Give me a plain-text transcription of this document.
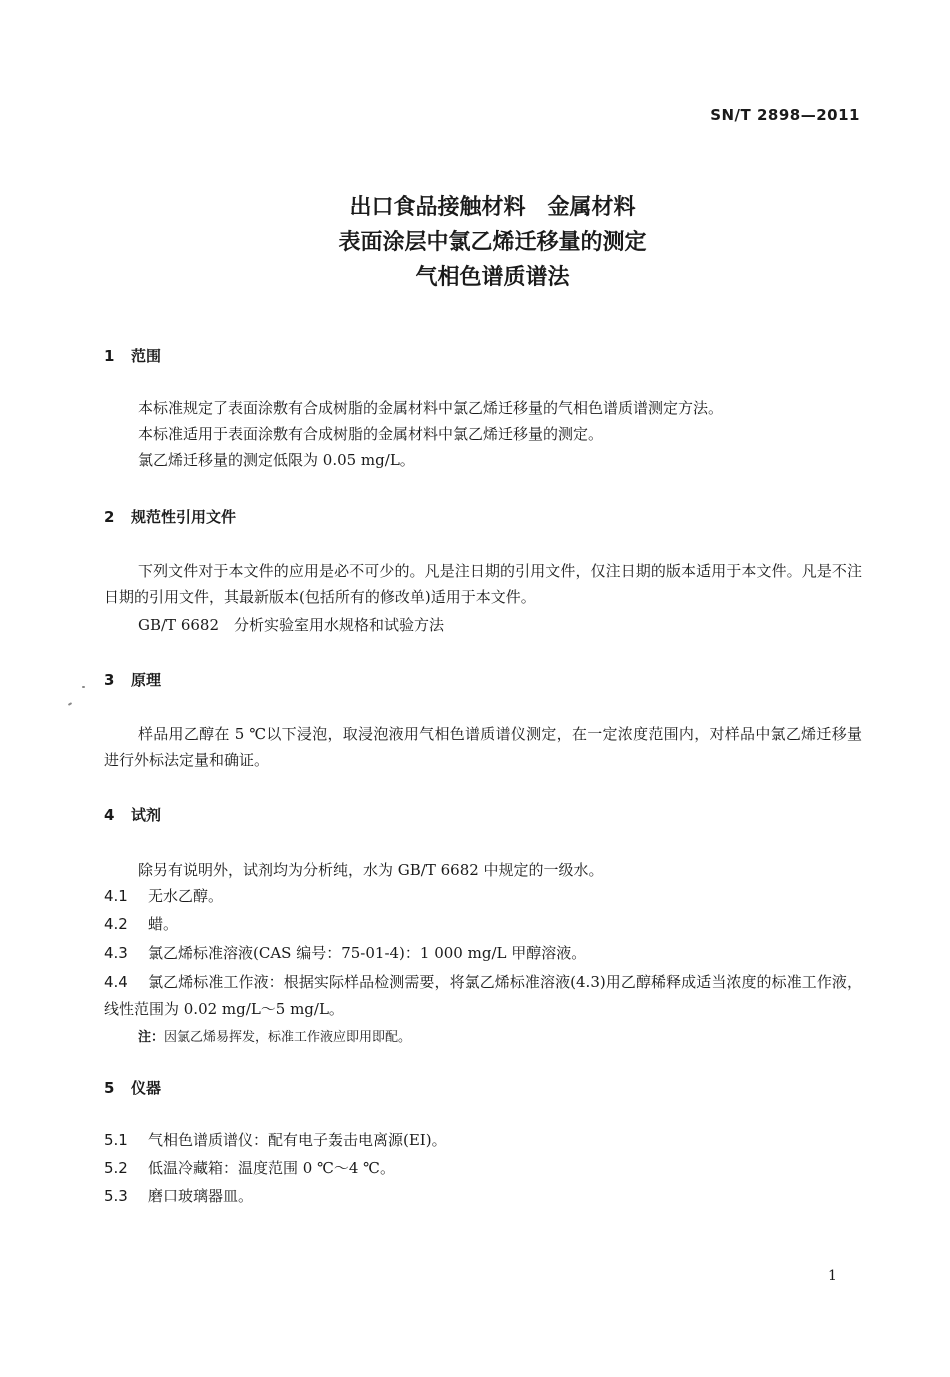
SN/T 2898—2011
出口食品接触材料　金属材料
表面涂层中氯乙烯迁移量的测定
气相色谱质谱法
1 范围
本标准规定了表面涂敷有合成树脂的金属材料中氯乙烯迁移量的气相色谱质谱测定方法。
本标准适用于表面涂敷有合成树脂的金属材料中氯乙烯迁移量的测定。
氯乙烯迁移量的测定低限为 0.05 mg/L。
2 规范性引用文件
下列文件对于本文件的应用是必不可少的。凡是注日期的引用文件，仅注日期的版本适用于本文件。凡是不注日期的引用文件，其最新版本(包括所有的修改单)适用于本文件。
GB/T 6682　分析实验室用水规格和试验方法
3 原理
样品用乙醇在 5 ℃以下浸泡，取浸泡液用气相色谱质谱仪测定，在一定浓度范围内，对样品中氯乙烯迁移量进行外标法定量和确证。
4 试剂
除另有说明外，试剂均为分析纯，水为 GB/T 6682 中规定的一级水。
4.1 无水乙醇。
4.2 蜡。
4.3 氯乙烯标准溶液(CAS 编号：75-01-4)：1 000 mg/L 甲醇溶液。
4.4 氯乙烯标准工作液：根据实际样品检测需要，将氯乙烯标准溶液(4.3)用乙醇稀释成适当浓度的标准工作液，线性范围为 0.02 mg/L～5 mg/L。
注：因氯乙烯易挥发，标准工作液应即用即配。
5 仪器
5.1 气相色谱质谱仪：配有电子轰击电离源(EI)。
5.2 低温冷藏箱：温度范围 0 ℃～4 ℃。
5.3 磨口玻璃器皿。
1
